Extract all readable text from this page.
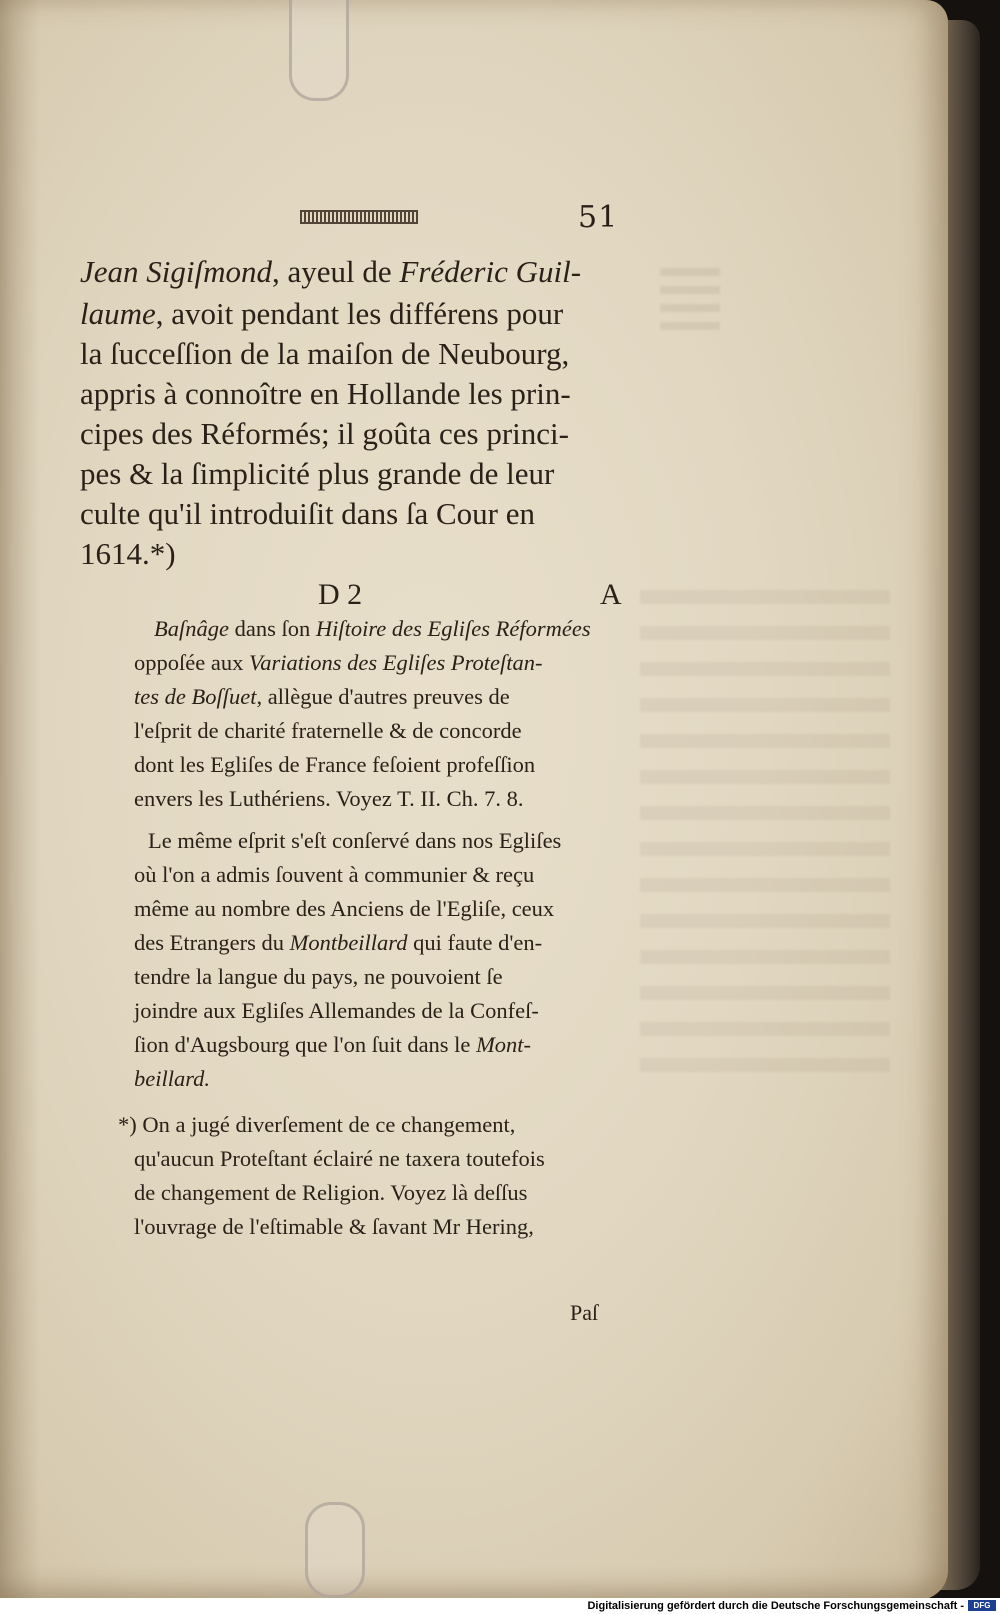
51
Jean Sigiſmond, ayeul de Fréderic Guil-
laume, avoit pendant les différens pour
la ſucceſſion de la maiſon de Neubourg,
appris à connoître en Hollande les prin-
cipes des Réformés; il goûta ces princi-
pes & la ſimplicité plus grande de leur
culte qu'il introduiſit dans ſa Cour en
1614.*)
D 2	A
Baſnâge dans ſon Hiſtoire des Egliſes Réformées
oppoſée aux Variations des Egliſes Proteſtan-
tes de Boſſuet, allègue d'autres preuves de
l'eſprit de charité fraternelle & de concorde
dont les Egliſes de France feſoient profeſſion
envers les Luthériens. Voyez T. II. Ch. 7. 8.
Le même eſprit s'eſt conſervé dans nos Egliſes
où l'on a admis ſouvent à communier & reçu
même au nombre des Anciens de l'Egliſe, ceux
des Etrangers du Montbeillard qui faute d'en-
tendre la langue du pays, ne pouvoient ſe
joindre aux Egliſes Allemandes de la Confeſ-
ſion d'Augsbourg que l'on ſuit dans le Mont-
beillard.
*) On a jugé diverſement de ce changement,
qu'aucun Proteſtant éclairé ne taxera toutefois
de changement de Religion. Voyez là deſſus
l'ouvrage de l'eſtimable & ſavant Mr Hering,
Paſ
Digitalisierung gefördert durch die Deutsche Forschungsgemeinschaft -	DFG
